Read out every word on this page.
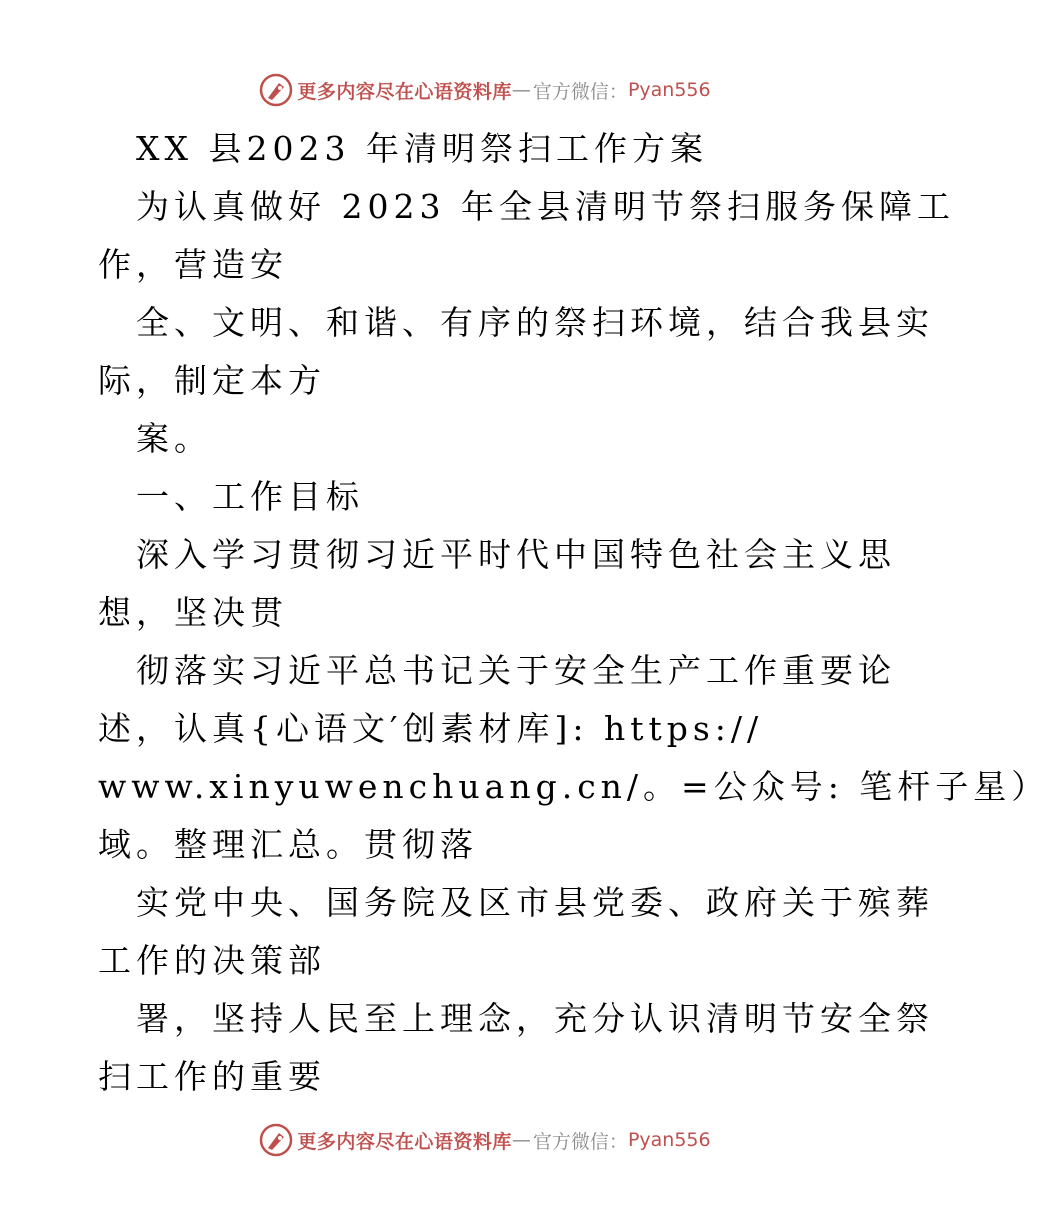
更多内容尽在心语资料库 — 官方微信： Pyan556

XX 县2023 年清明祭扫工作方案

为认真做好 2023 年全县清明节祭扫服务保障工

作，营造安

全、文明、和谐、有序的祭扫环境，结合我县实

际，制定本方

案。

一、工作目标

深入学习贯彻习近平时代中国特色社会主义思

想，坚决贯

彻落实习近平总书记关于安全生产工作重要论

述，认真{心语文′创素材库]: https://

www.xinyuwenchuang.cn/。=公众号: 笔杆子星）

域。整理汇总。贯彻落

实党中央、国务院及区市县党委、政府关于殡葬

工作的决策部

署，坚持人民至上理念，充分认识清明节安全祭

扫工作的重要

更多内容尽在心语资料库 — 官方微信： Pyan556
